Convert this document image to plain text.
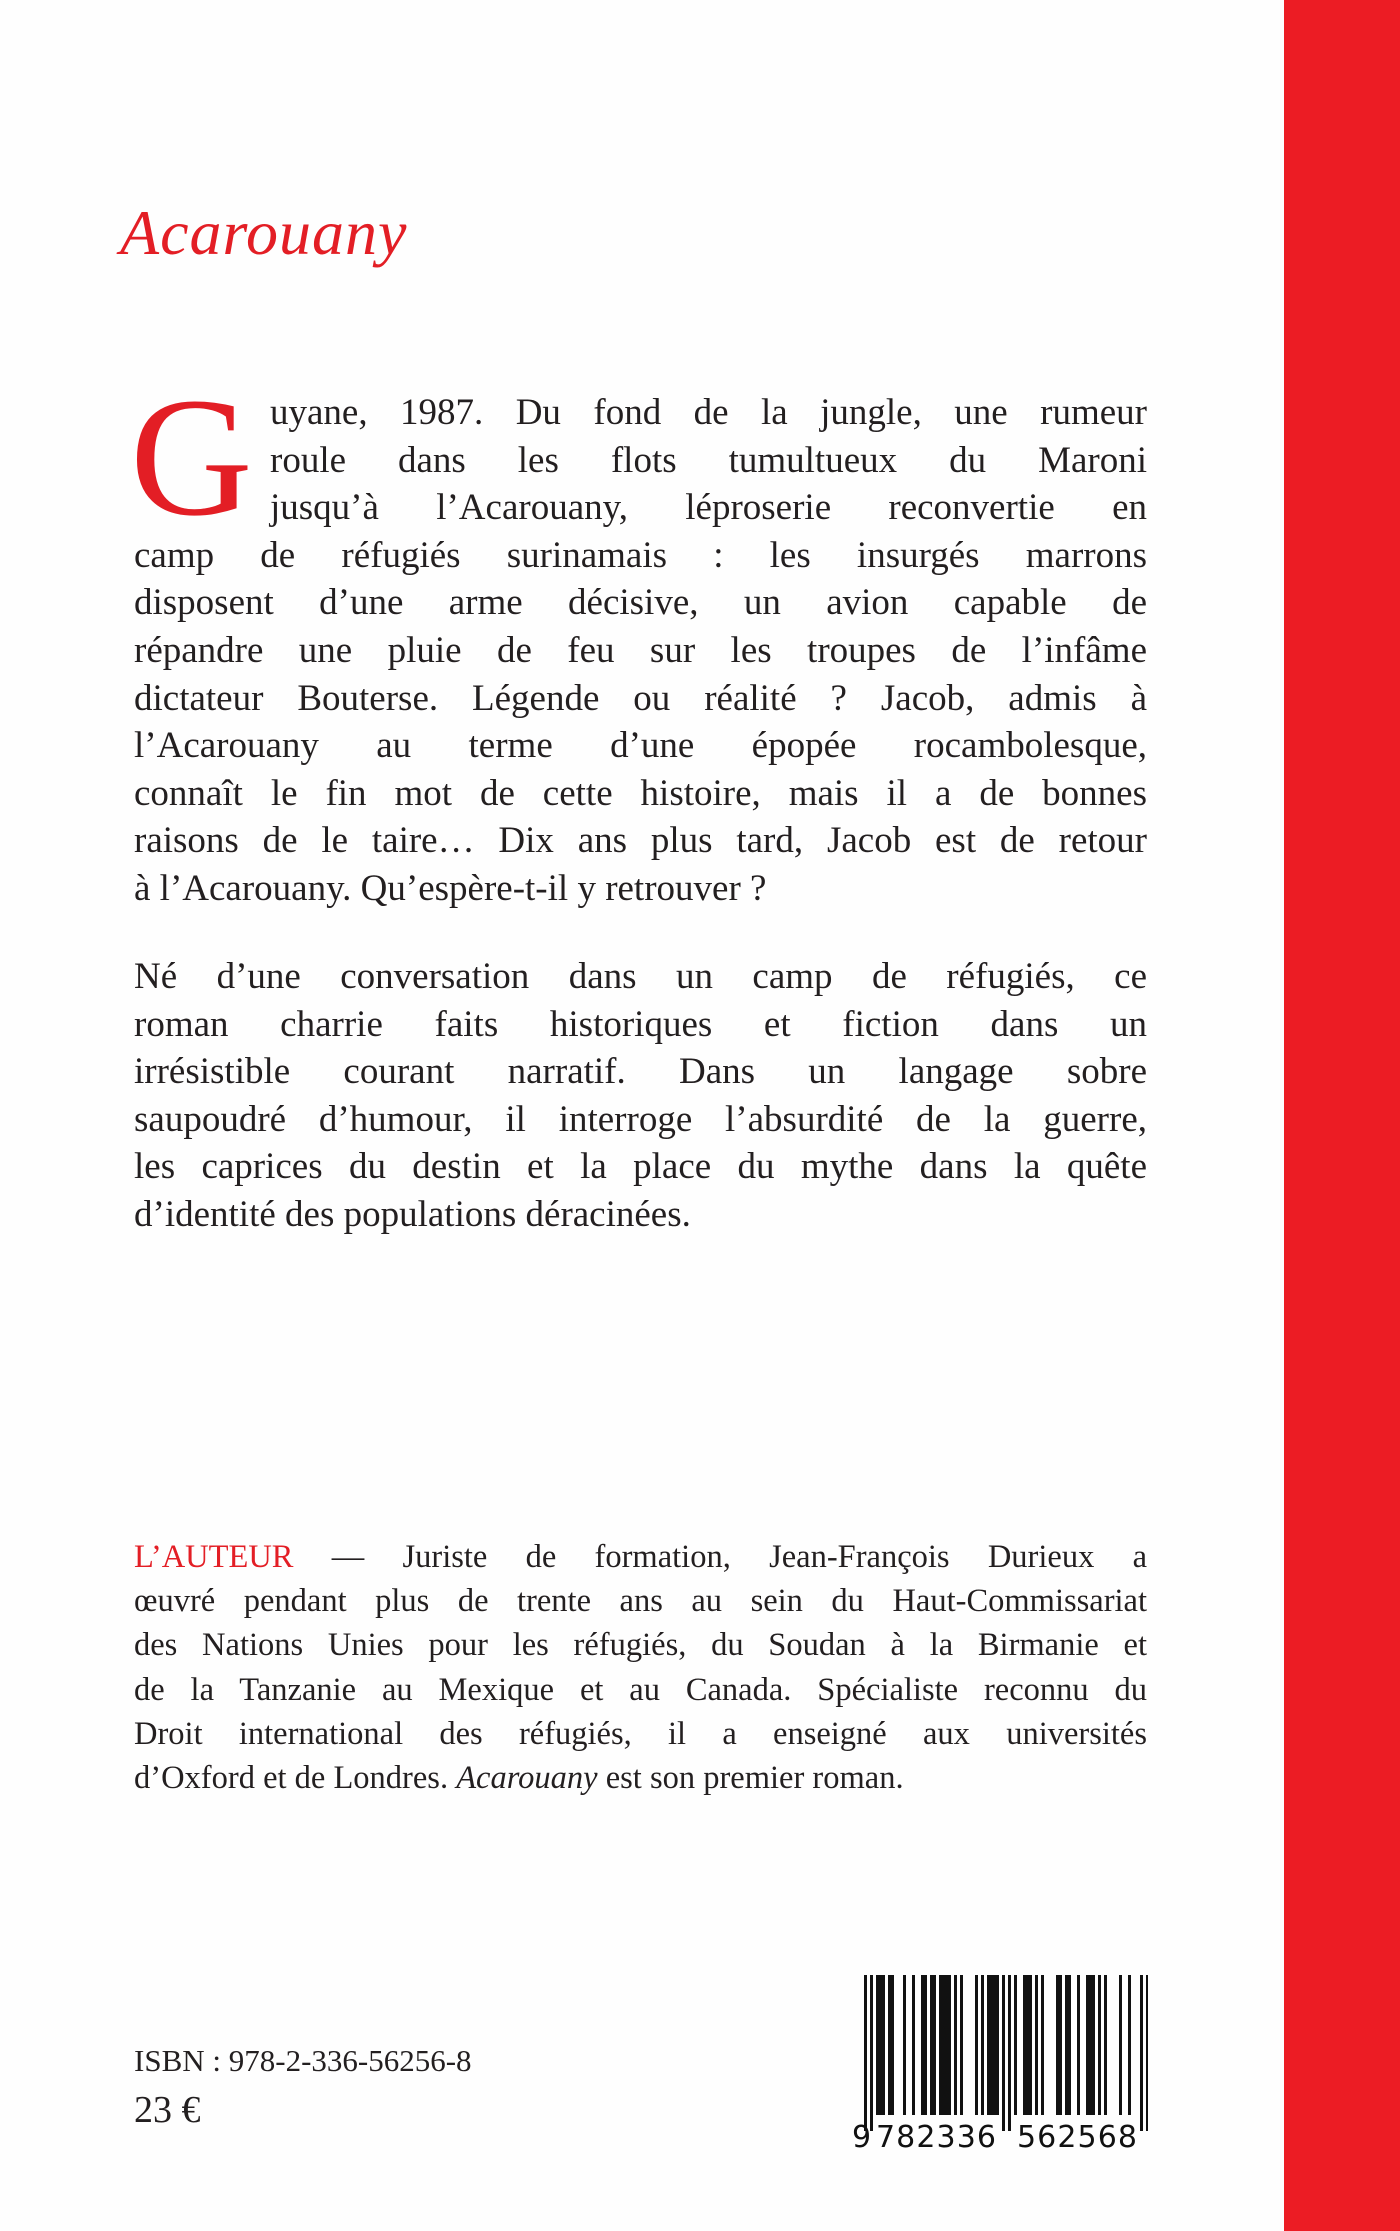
Acarouany
G uyane, 1987. Du fond de la jungle, une rumeur
roule dans les flots tumultueux du Maroni
jusqu’à l’Acarouany, léproserie reconvertie en
camp de réfugiés surinamais : les insurgés marrons
disposent d’une arme décisive, un avion capable de
répandre une pluie de feu sur les troupes de l’infâme
dictateur Bouterse. Légende ou réalité ? Jacob, admis à
l’Acarouany au terme d’une épopée rocambolesque,
connaît le fin mot de cette histoire, mais il a de bonnes
raisons de le taire… Dix ans plus tard, Jacob est de retour
à l’Acarouany. Qu’espère-t-il y retrouver ?
Né d’une conversation dans un camp de réfugiés, ce
roman charrie faits historiques et fiction dans un
irrésistible courant narratif. Dans un langage sobre
saupoudré d’humour, il interroge l’absurdité de la guerre,
les caprices du destin et la place du mythe dans la quête
d’identité des populations déracinées.
L’AUTEUR — Juriste de formation, Jean-François Durieux a
œuvré pendant plus de trente ans au sein du Haut-Commissariat
des Nations Unies pour les réfugiés, du Soudan à la Birmanie et
de la Tanzanie au Mexique et au Canada. Spécialiste reconnu du
Droit international des réfugiés, il a enseigné aux universités
d’Oxford et de Londres. Acarouany est son premier roman.
ISBN : 978-2-336-56256-8
23 €
9 782336 562568
